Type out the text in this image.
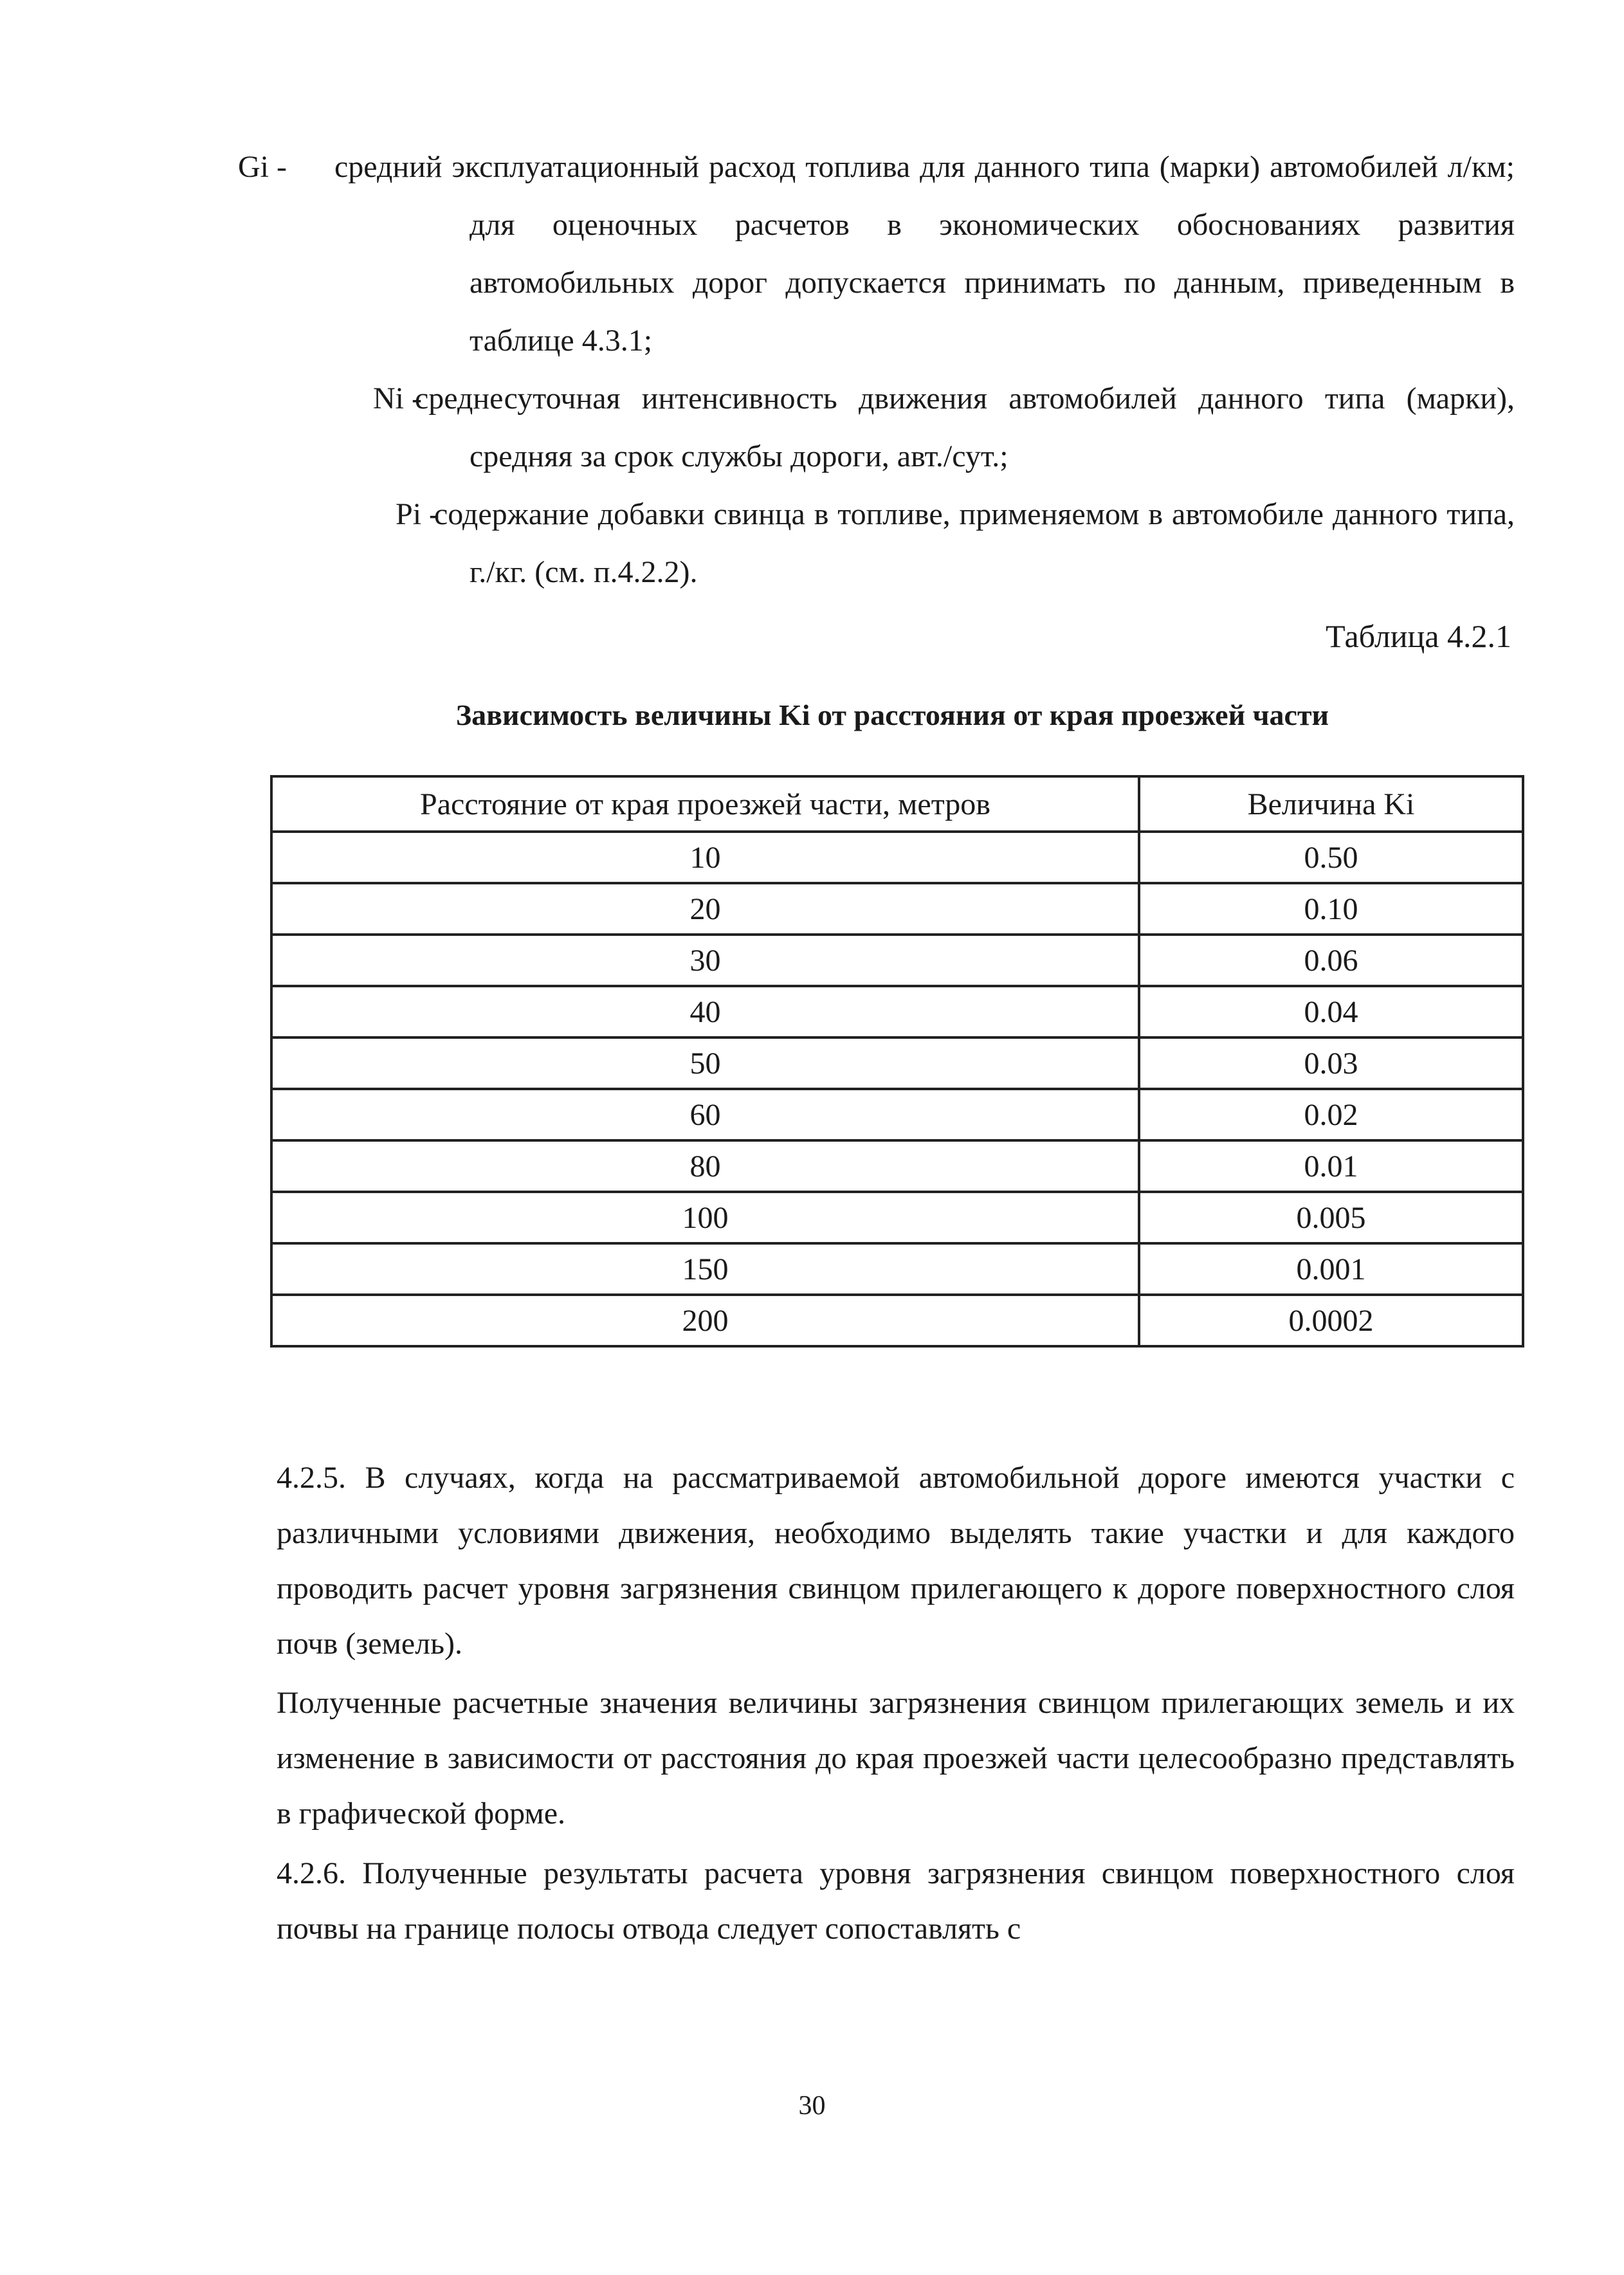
Gi - средний эксплуатационный расход топлива для данного типа (марки) автомобилей л/км; для оценочных расчетов в экономических обоснованиях развития автомобильных дорог допускается принимать по данным, приведенным в таблице 4.3.1;
Ni -
среднесуточная интенсивность движения автомобилей данного типа (марки), средняя за срок службы дороги, авт./сут.;
Pi -
содержание добавки свинца в топливе, применяемом в автомобиле данного типа, г./кг. (см. п.4.2.2).
Таблица 4.2.1
Зависимость величины Ki от расстояния от края проезжей части
Расстояние от края проезжей части, метров	Величина Ki
10	0.50
20	0.10
30	0.06
40	0.04
50	0.03
60	0.02
80	0.01
100	0.005
150	0.001
200	0.0002
4.2.5. В случаях, когда на рассматриваемой автомобильной дороге имеются участки с различными условиями движения, необходимо выделять такие участки и для каждого проводить расчет уровня загрязнения свинцом прилегающего к дороге поверхностного слоя почв (земель).
Полученные расчетные значения величины загрязнения свинцом прилегающих земель и их изменение в зависимости от расстояния до края проезжей части целесообразно представлять в графической форме.
4.2.6. Полученные результаты расчета уровня загрязнения свинцом поверхностного слоя почвы на границе полосы отвода следует сопоставлять с
30
